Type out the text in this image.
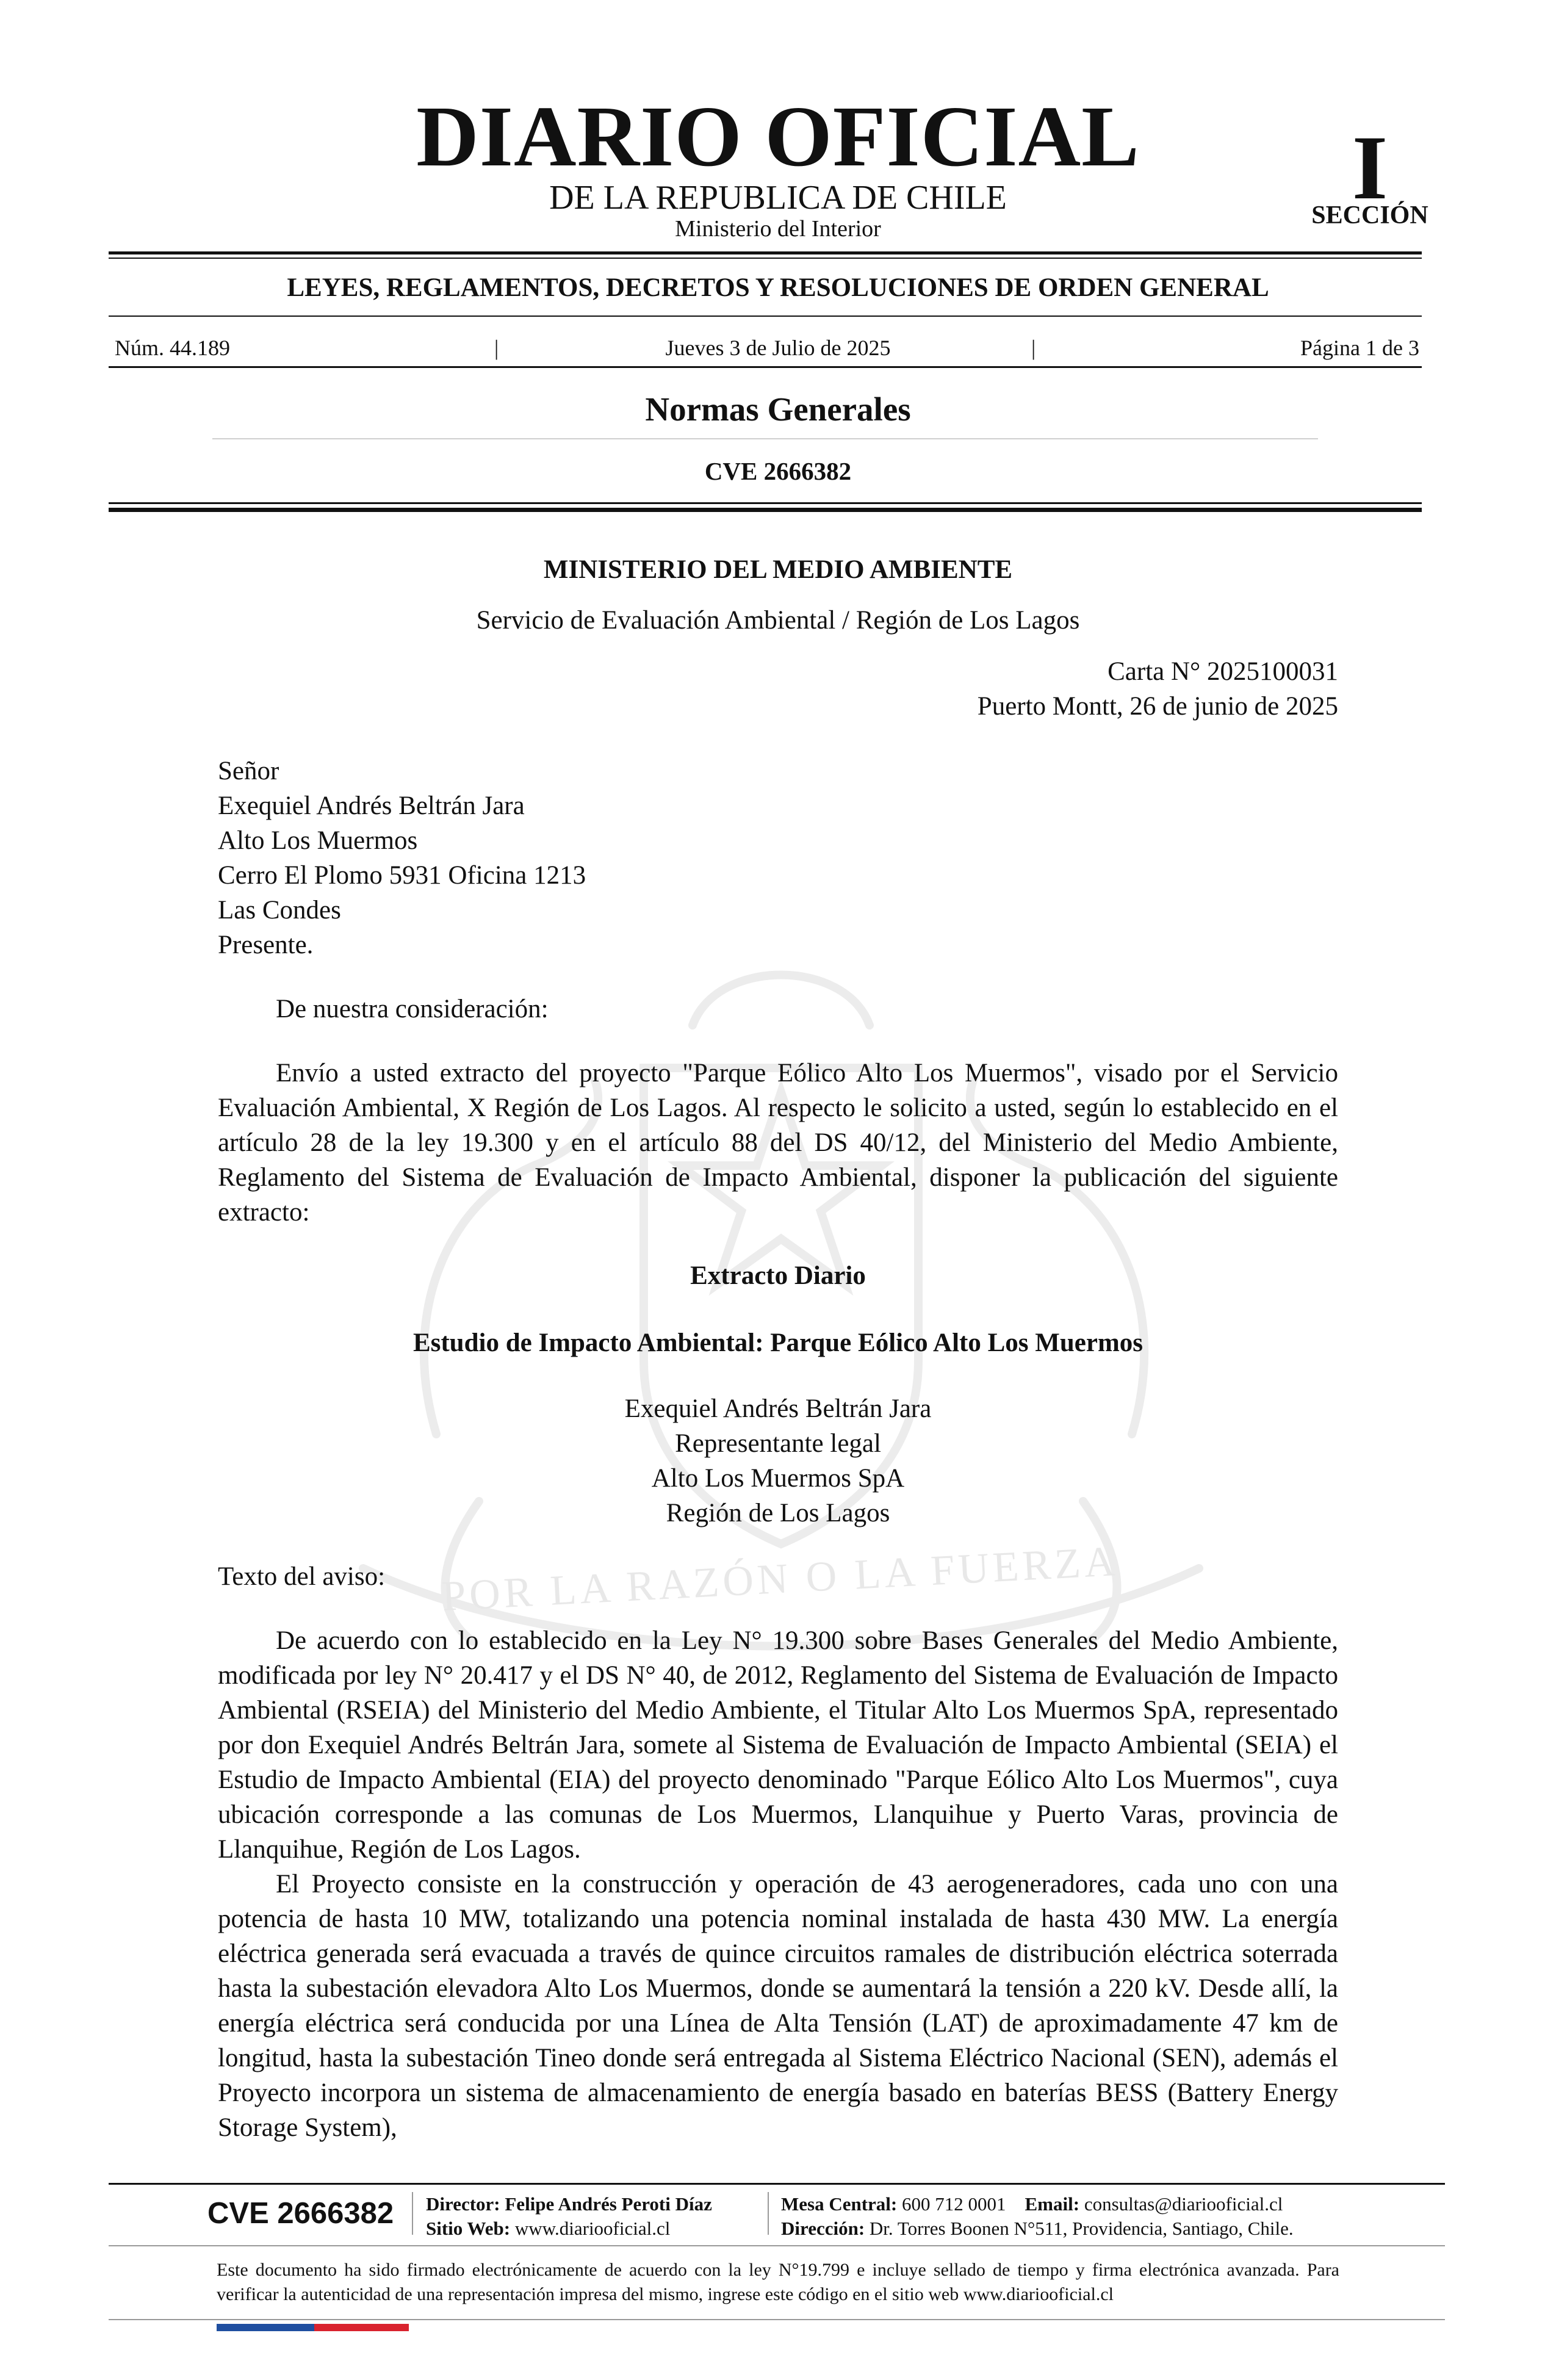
POR LA RAZÓN O LA FUERZA
DIARIO OFICIAL
DE LA REPUBLICA DE CHILE
Ministerio del Interior
I
SECCIÓN
LEYES, REGLAMENTOS, DECRETOS Y RESOLUCIONES DE ORDEN GENERAL
Núm. 44.189	|	Jueves 3 de Julio de 2025	|	Página 1 de 3
Normas Generales
CVE 2666382
MINISTERIO DEL MEDIO AMBIENTE
Servicio de Evaluación Ambiental / Región de Los Lagos
Carta N° 2025100031
Puerto Montt, 26 de junio de 2025
Señor
Exequiel Andrés Beltrán Jara
Alto Los Muermos
Cerro El Plomo 5931 Oficina 1213
Las Condes
Presente.
De nuestra consideración:
Envío a usted extracto del proyecto "Parque Eólico Alto Los Muermos", visado por el Servicio Evaluación Ambiental, X Región de Los Lagos. Al respecto le solicito a usted, según lo establecido en el artículo 28 de la ley 19.300 y en el artículo 88 del DS 40/12, del Ministerio del Medio Ambiente, Reglamento del Sistema de Evaluación de Impacto Ambiental, disponer la publicación del siguiente extracto:
Extracto Diario
Estudio de Impacto Ambiental: Parque Eólico Alto Los Muermos
Exequiel Andrés Beltrán Jara
Representante legal
Alto Los Muermos SpA
Región de Los Lagos
Texto del aviso:

De acuerdo con lo establecido en la Ley N° 19.300 sobre Bases Generales del Medio Ambiente, modificada por ley N° 20.417 y el DS N° 40, de 2012, Reglamento del Sistema de Evaluación de Impacto Ambiental (RSEIA) del Ministerio del Medio Ambiente, el Titular Alto Los Muermos SpA, representado por don Exequiel Andrés Beltrán Jara, somete al Sistema de Evaluación de Impacto Ambiental (SEIA) el Estudio de Impacto Ambiental (EIA) del proyecto denominado "Parque Eólico Alto Los Muermos", cuya ubicación corresponde a las comunas de Los Muermos, Llanquihue y Puerto Varas, provincia de Llanquihue, Región de Los Lagos.

El Proyecto consiste en la construcción y operación de 43 aerogeneradores, cada uno con una potencia de hasta 10 MW, totalizando una potencia nominal instalada de hasta 430 MW. La energía eléctrica generada será evacuada a través de quince circuitos ramales de distribución eléctrica soterrada hasta la subestación elevadora Alto Los Muermos, donde se aumentará la tensión a 220 kV. Desde allí, la energía eléctrica será conducida por una Línea de Alta Tensión (LAT) de aproximadamente 47 km de longitud, hasta la subestación Tineo donde será entregada al Sistema Eléctrico Nacional (SEN), además el Proyecto incorpora un sistema de almacenamiento de energía basado en baterías BESS (Battery Energy Storage System),

CVE 2666382 Director: Felipe Andrés Peroti Díaz
Sitio Web: www.diariooficial.cl
Mesa Central: 600 712 0001 Email: consultas@diariooficial.cl
Dirección: Dr. Torres Boonen N°511, Providencia, Santiago, Chile.
Este documento ha sido firmado electrónicamente de acuerdo con la ley N°19.799 e incluye sellado de tiempo y firma electrónica avanzada. Para verificar la autenticidad de una representación impresa del mismo, ingrese este código en el sitio web www.diariooficial.cl
